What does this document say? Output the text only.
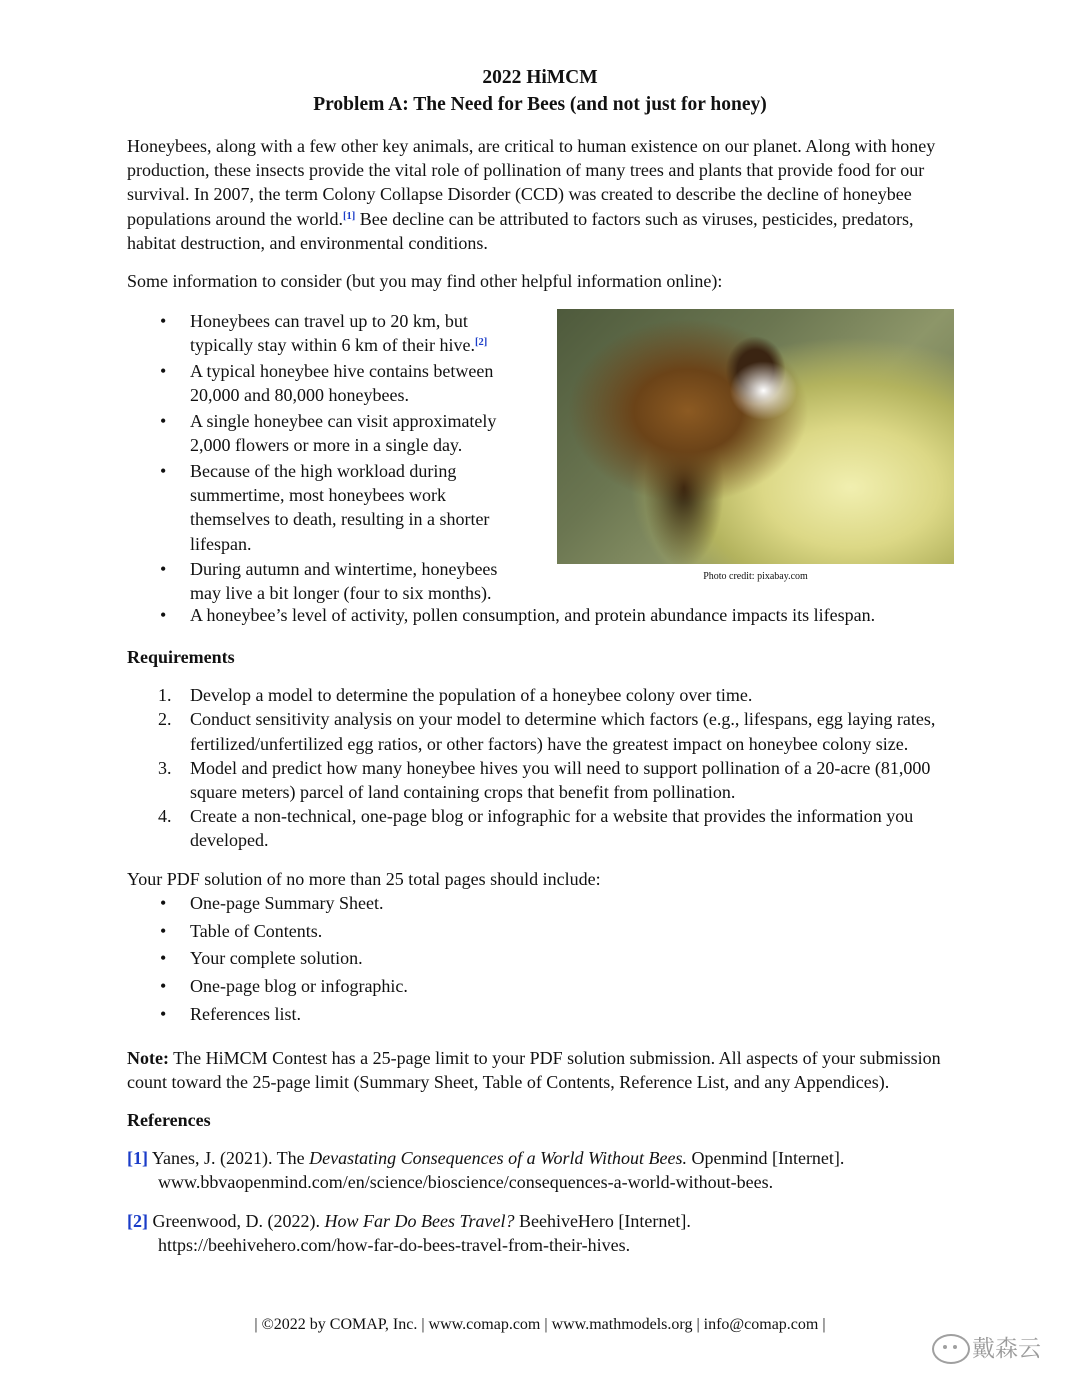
2022 HiMCM

Problem A: The Need for Bees (and not just for honey)

Honeybees, along with a few other key animals, are critical to human existence on our planet. Along with honey production, these insects provide the vital role of pollination of many trees and plants that provide food for our survival. In 2007, the term Colony Collapse Disorder (CCD) was created to describe the decline of honeybee populations around the world.[1] Bee decline can be attributed to factors such as viruses, pesticides, predators, habitat destruction, and environmental conditions.

Some information to consider (but you may find other helpful information online):

• Honeybees can travel up to 20 km, but typically stay within 6 km of their hive.[2]
• A typical honeybee hive contains between 20,000 and 80,000 honeybees.
• A single honeybee can visit approximately 2,000 flowers or more in a single day.
• Because of the high workload during summertime, most honeybees work themselves to death, resulting in a shorter lifespan.
• During autumn and wintertime, honeybees may live a bit longer (four to six months).
Photo credit: pixabay.com
• A honeybee’s level of activity, pollen consumption, and protein abundance impacts its lifespan.

Requirements

1. Develop a model to determine the population of a honeybee colony over time.
2. Conduct sensitivity analysis on your model to determine which factors (e.g., lifespans, egg laying rates, fertilized/unfertilized egg ratios, or other factors) have the greatest impact on honeybee colony size.
3. Model and predict how many honeybee hives you will need to support pollination of a 20-acre (81,000 square meters) parcel of land containing crops that benefit from pollination.
4. Create a non-technical, one-page blog or infographic for a website that provides the information you developed.

Your PDF solution of no more than 25 total pages should include:

• One-page Summary Sheet.
• Table of Contents.
• Your complete solution.
• One-page blog or infographic.
• References list.

Note: The HiMCM Contest has a 25-page limit to your PDF solution submission. All aspects of your submission count toward the 25-page limit (Summary Sheet, Table of Contents, Reference List, and any Appendices).

References

[1] Yanes, J. (2021). The Devastating Consequences of a World Without Bees. Openmind [Internet].
www.bbvaopenmind.com/en/science/bioscience/consequences-a-world-without-bees.
[2] Greenwood, D. (2022). How Far Do Bees Travel? BeehiveHero [Internet].
https://beehivehero.com/how-far-do-bees-travel-from-their-hives.
| ©2022 by COMAP, Inc. | www.comap.com | www.mathmodels.org | info@comap.com |
戴森云
